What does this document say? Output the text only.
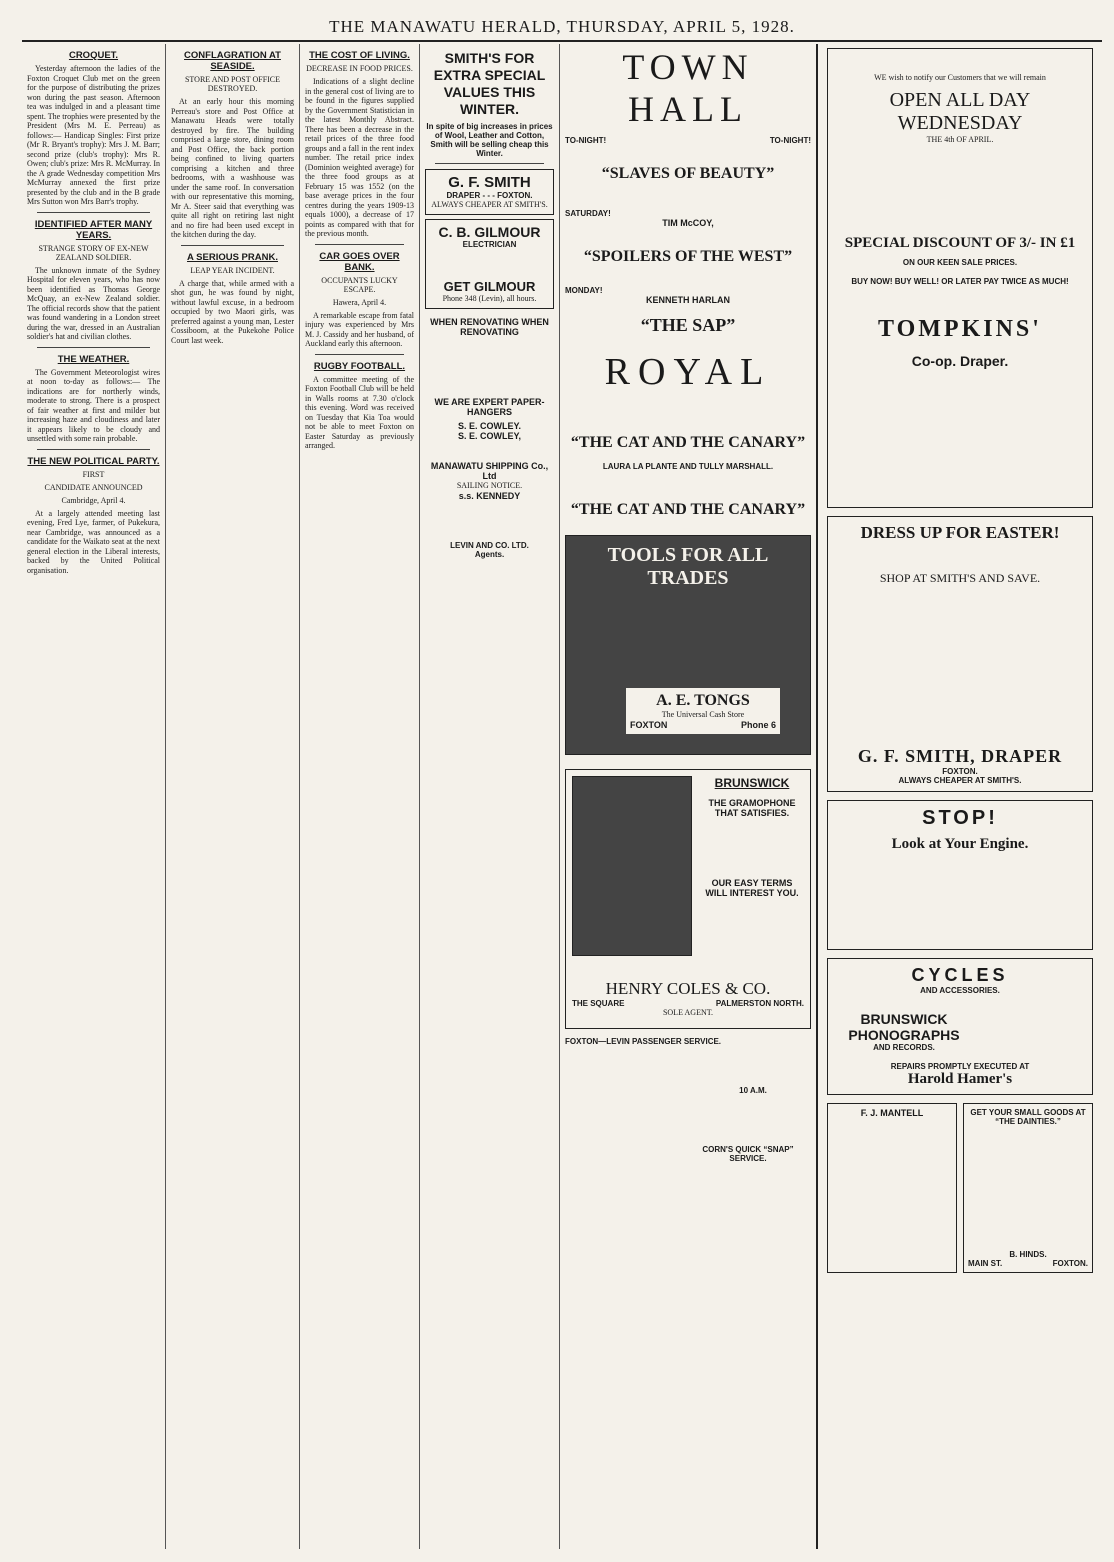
THE MANAWATU HERALD, THURSDAY, APRIL 5, 1928.
CROQUET.

Yesterday afternoon the ladies of the Foxton Croquet Club met on the green for the purpose of distributing the prizes won during the past season. Afternoon tea was indulged in and a pleasant time spent. The trophies were presented by the President (Mrs M. E. Perreau) as follows:— Handicap Singles: First prize (Mr R. Bryant's trophy): Mrs J. M. Barr; second prize (club's trophy): Mrs R. Owen; club's prize: Mrs R. McMurray. In the A grade Wednesday competition Mrs McMurray annexed the first prize presented by the club and in the B grade Mrs Sutton won Mrs Barr's trophy.

IDENTIFIED AFTER MANY YEARS.
STRANGE STORY OF EX-NEW ZEALAND SOLDIER.

The unknown inmate of the Sydney Hospital for eleven years, who has now been identified as Thomas George McQuay, an ex-New Zealand soldier. The official records show that the patient was found wandering in a London street during the war, dressed in an Australian soldier's hat and civilian clothes.

THE WEATHER.

The Government Meteorologist wires at noon to-day as follows:— The indications are for northerly winds, moderate to strong. There is a prospect of fair weather at first and milder but increasing haze and cloudiness and later it appears likely to be cloudy and unsettled with some rain probable.

THE NEW POLITICAL PARTY.
FIRST
CANDIDATE ANNOUNCED
Cambridge, April 4.

At a largely attended meeting last evening, Fred Lye, farmer, of Pukekura, near Cambridge, was announced as a candidate for the Waikato seat at the next general election in the Liberal interests, backed by the United Political organisation.

CONFLAGRATION AT SEASIDE.
STORE AND POST OFFICE DESTROYED.

At an early hour this morning Perreau's store and Post Office at Manawatu Heads were totally destroyed by fire. The building comprised a large store, dining room and Post Office, the back portion being confined to living quarters comprising a kitchen and three bedrooms, with a washhouse was under the same roof. In conversation with our representative this morning, Mr A. Steer said that everything was quite all right on retiring last night and no fire had been used except in the kitchen during the day.

A SERIOUS PRANK.
LEAP YEAR INCIDENT.

A charge that, while armed with a shot gun, he was found by night, without lawful excuse, in a bedroom occupied by two Maori girls, was preferred against a young man, Lester Cossiboom, at the Pukekohe Police Court last week.

THE COST OF LIVING.
DECREASE IN FOOD PRICES.

Indications of a slight decline in the general cost of living are to be found in the figures supplied by the Government Statistician in the latest Monthly Abstract. There has been a decrease in the retail prices of the three food groups and a fall in the rent index number. The retail price index (Dominion weighted average) for the three food groups as at February 15 was 1552 (on the base average prices in the four centres during the years 1909-13 equals 1000), a decrease of 17 points as compared with that for the previous month.

CAR GOES OVER BANK.
OCCUPANTS LUCKY ESCAPE.
Hawera, April 4.

A remarkable escape from fatal injury was experienced by Mrs M. J. Cassidy and her husband, of Auckland early this afternoon.

RUGBY FOOTBALL.

A committee meeting of the Foxton Football Club will be held in Walls rooms at 7.30 o'clock this evening. Word was received on Tuesday that Kia Toa would not be able to meet Foxton on Easter Saturday as previously arranged.

SMITH'S FOR EXTRA SPECIAL VALUES THIS WINTER.
In spite of big increases in prices of Wool, Leather and Cotton, Smith will be selling cheap this Winter.
G. F. SMITH
DRAPER - - - FOXTON.
ALWAYS CHEAPER AT SMITH'S.
C. B. GILMOUR
ELECTRICIAN
GET GILMOUR
Phone 348 (Levin), all hours.
WHEN RENOVATING WHEN RENOVATING
WE ARE EXPERT PAPER-HANGERS
S. E. COWLEY.
S. E. COWLEY,
MANAWATU SHIPPING Co., Ltd
SAILING NOTICE.
s.s. KENNEDY
LEVIN AND CO. LTD.
Agents.
TOWN HALL
TO-NIGHT!	TO-NIGHT!
“SLAVES OF BEAUTY”
SATURDAY!
TIM McCOY,
“SPOILERS OF THE WEST”
MONDAY!
KENNETH HARLAN
“THE SAP”
ROYAL
“THE CAT AND THE CANARY”
LAURA LA PLANTE AND TULLY MARSHALL.
“THE CAT AND THE CANARY”
TOOLS FOR ALL TRADES
A. E. TONGS
The Universal Cash Store
FOXTON	Phone 6
BRUNSWICK
THE GRAMOPHONE THAT SATISFIES.
OUR EASY TERMS WILL INTEREST YOU.
HENRY COLES & CO.
THE SQUARE	PALMERSTON NORTH.
SOLE AGENT.
FOXTON—LEVIN PASSENGER SERVICE.
10 A.M.
CORN'S QUICK “SNAP” SERVICE.
WE wish to notify our Customers that we will remain
OPEN ALL DAY WEDNESDAY
THE 4th OF APRIL.
SPECIAL DISCOUNT OF 3/- IN £1
ON OUR KEEN SALE PRICES.
BUY NOW! BUY WELL! OR LATER PAY TWICE AS MUCH!
TOMPKINS'
Co-op. Draper.
DRESS UP FOR EASTER!
SHOP AT SMITH'S AND SAVE.
G. F. SMITH, DRAPER
FOXTON.
ALWAYS CHEAPER AT SMITH'S.
STOP!
Look at Your Engine.
CYCLES
AND ACCESSORIES.
BRUNSWICK PHONOGRAPHS
AND RECORDS.
REPAIRS PROMPTLY EXECUTED AT
Harold Hamer's
F. J. MANTELL	GET YOUR SMALL GOODS AT “THE DAINTIES.”
B. HINDS.
MAIN ST.	FOXTON.
